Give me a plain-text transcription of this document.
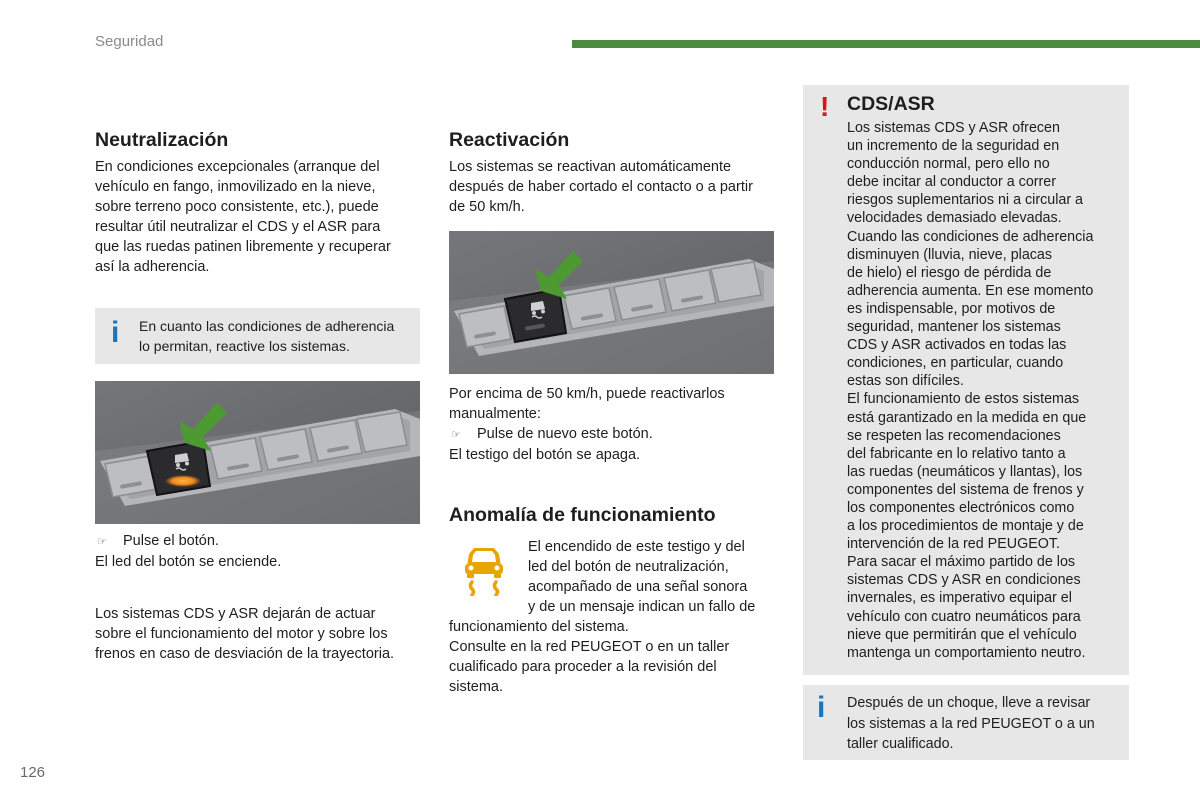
Seguridad
Neutralización

En condiciones excepcionales (arranque del

vehículo en fango, inmovilizado en la nieve,

sobre terreno poco consistente, etc.), puede

resultar útil neutralizar el CDS y el ASR para

que las ruedas patinen libremente y recuperar

así la adherencia.

i En cuanto las condiciones de adherencia
lo permitan, reactive los sistemas.
☞	Pulse el botón.

El led del botón se enciende.

Los sistemas CDS y ASR dejarán de actuar

sobre el funcionamiento del motor y sobre los

frenos en caso de desviación de la trayectoria.

Reactivación

Los sistemas se reactivan automáticamente

después de haber cortado el contacto o a partir

de 50 km/h.

Por encima de 50 km/h, puede reactivarlos

manualmente:

☞	Pulse de nuevo este botón.

El testigo del botón se apaga.

Anomalía de funcionamiento

El encendido de este testigo y del

led del botón de neutralización,

acompañado de una señal sonora

y de un mensaje indican un fallo de

funcionamiento del sistema.

Consulte en la red PEUGEOT o en un taller

cualificado para proceder a la revisión del

sistema.

! CDS/ASR
Los sistemas CDS y ASR ofrecen
un incremento de la seguridad en
conducción normal, pero ello no
debe incitar al conductor a correr
riesgos suplementarios ni a circular a
velocidades demasiado elevadas.
Cuando las condiciones de adherencia
disminuyen (lluvia, nieve, placas
de hielo) el riesgo de pérdida de
adherencia aumenta. En ese momento
es indispensable, por motivos de
seguridad, mantener los sistemas
CDS y ASR activados en todas las
condiciones, en particular, cuando
estas son difíciles.
El funcionamiento de estos sistemas
está garantizado en la medida en que
se respeten las recomendaciones
del fabricante en lo relativo tanto a
las ruedas (neumáticos y llantas), los
componentes del sistema de frenos y
los componentes electrónicos como
a los procedimientos de montaje y de
intervención de la red PEUGEOT.
Para sacar el máximo partido de los
sistemas CDS y ASR en condiciones
invernales, es imperativo equipar el
vehículo con cuatro neumáticos para
nieve que permitirán que el vehículo
mantenga un comportamiento neutro.
i Después de un choque, lleve a revisar
los sistemas a la red PEUGEOT o a un
taller cualificado.
126
